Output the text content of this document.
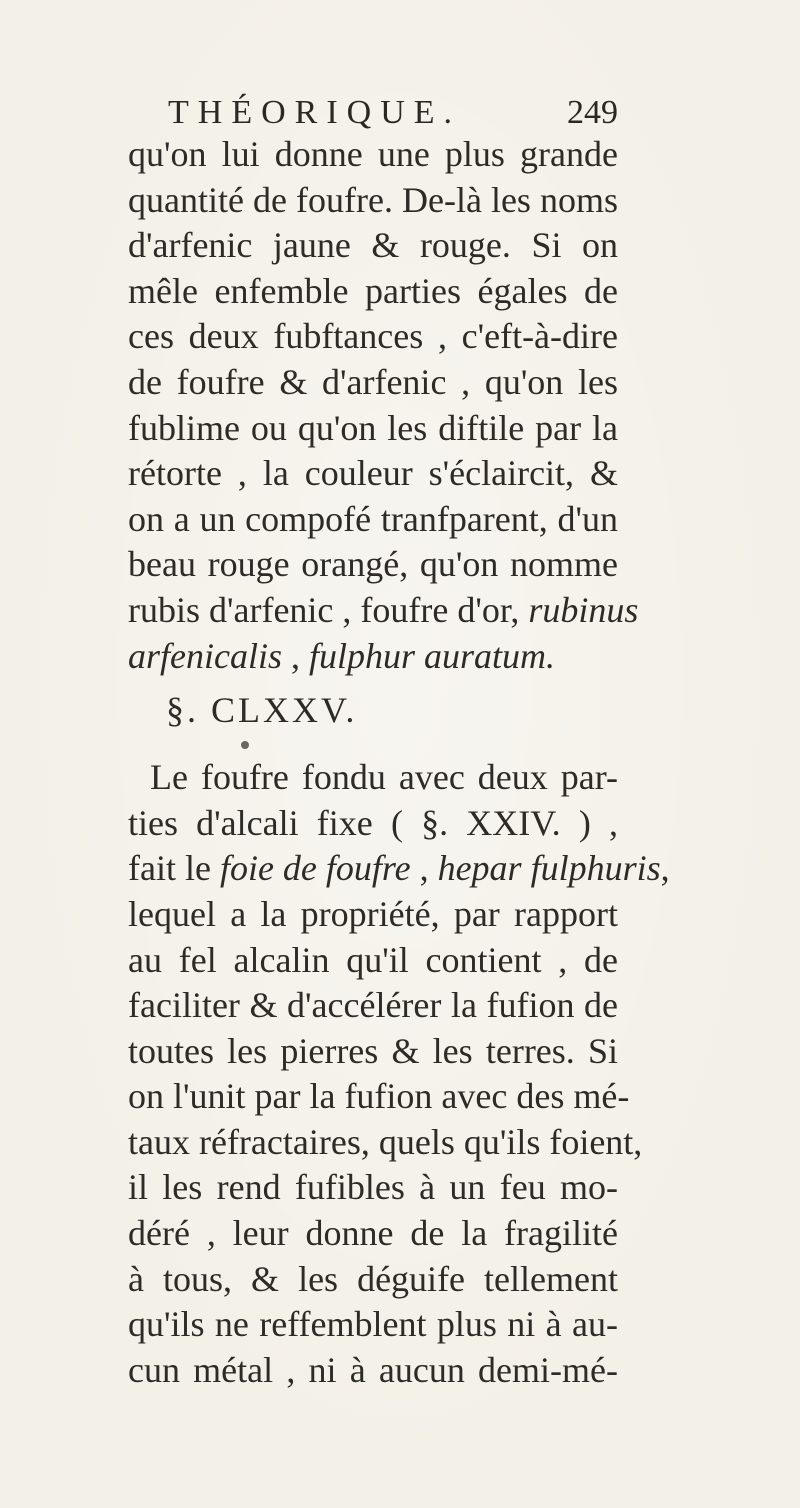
THÉORIQUE.	249
qu'on lui donne une plus grande
quantité de foufre. De-là les noms
d'arfenic jaune & rouge. Si on
mêle enfemble parties égales de
ces deux fubftances , c'eft-à-dire
de foufre & d'arfenic , qu'on les
fublime ou qu'on les diftile par la
rétorte , la couleur s'éclaircit, &
on a un compofé tranfparent, d'un
beau rouge orangé, qu'on nomme
rubis d'arfenic , foufre d'or, rubinus
arfenicalis , fulphur auratum.
§. CLXXV.
Le foufre fondu avec deux par-
ties d'alcali fixe ( §. XXIV. ) ,
fait le foie de foufre , hepar fulphuris,
lequel a la propriété, par rapport
au fel alcalin qu'il contient , de
faciliter & d'accélérer la fufion de
toutes les pierres & les terres. Si
on l'unit par la fufion avec des mé-
taux réfractaires, quels qu'ils foient,
il les rend fufibles à un feu mo-
déré , leur donne de la fragilité
à tous, & les déguife tellement
qu'ils ne reffemblent plus ni à au-
cun métal , ni à aucun demi-mé-
